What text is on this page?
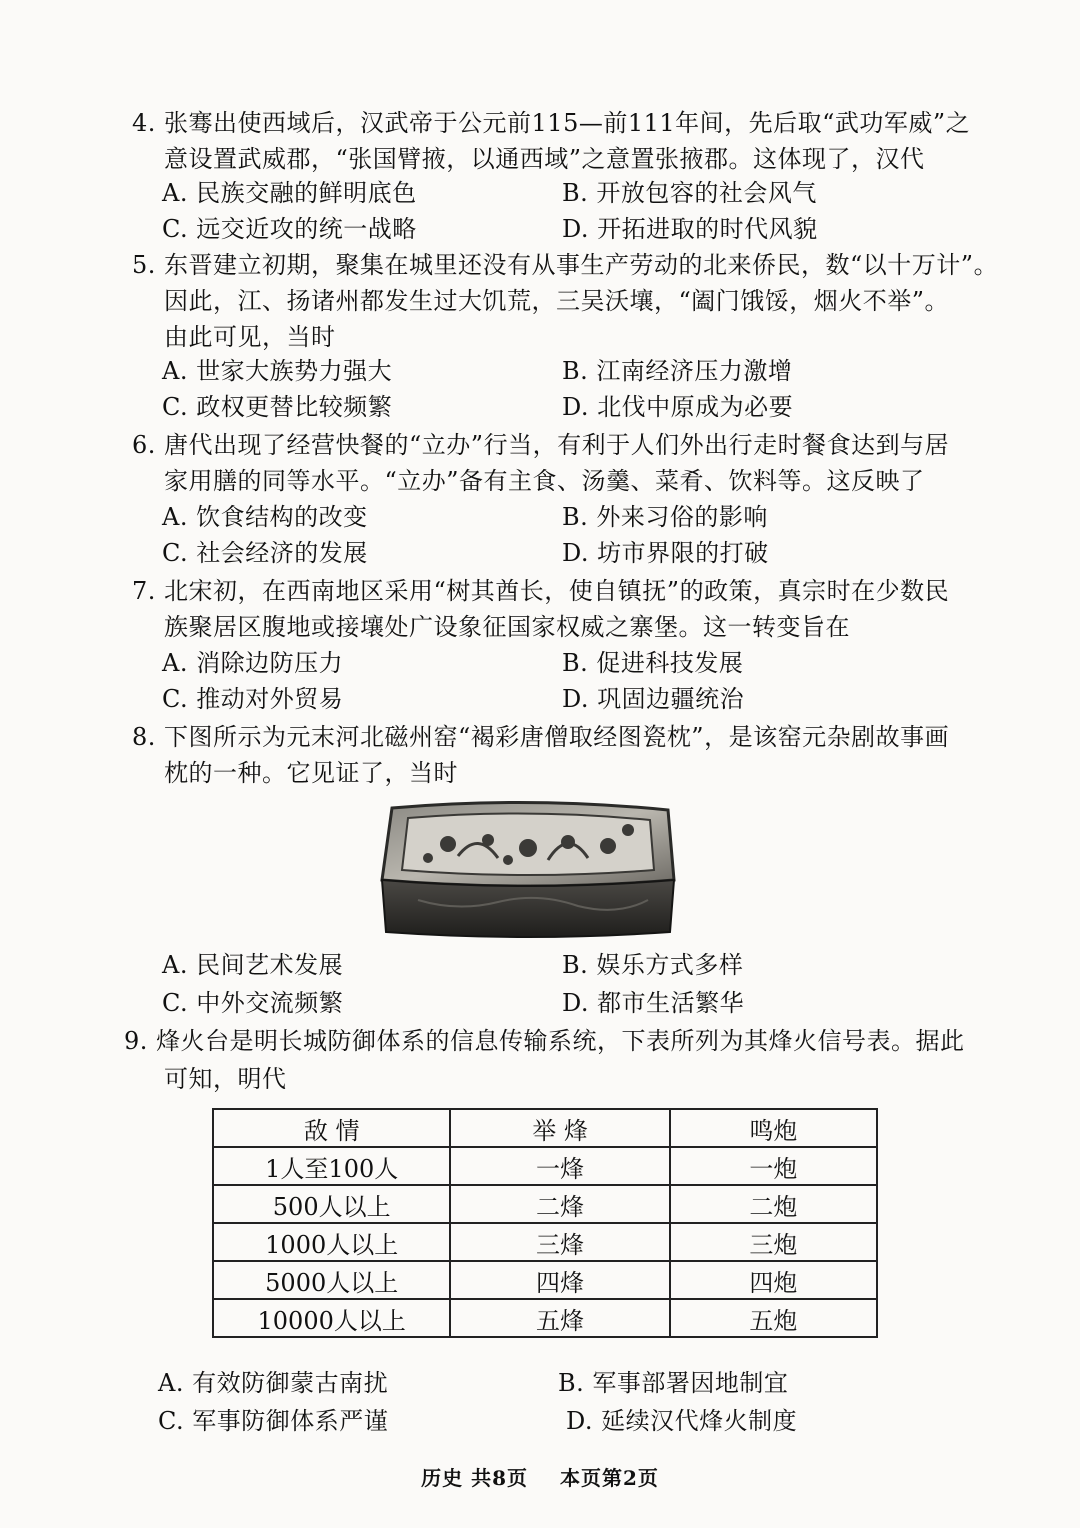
4. 张骞出使西域后，汉武帝于公元前115—前111年间，先后取“武功军威”之
意设置武威郡，“张国臂掖，以通西域”之意置张掖郡。这体现了，汉代
A. 民族交融的鲜明底色	B. 开放包容的社会风气
C. 远交近攻的统一战略	D. 开拓进取的时代风貌
5. 东晋建立初期，聚集在城里还没有从事生产劳动的北来侨民，数“以十万计”。
因此，江、扬诸州都发生过大饥荒，三吴沃壤，“阖门饿馁，烟火不举”。
由此可见，当时
A. 世家大族势力强大	B. 江南经济压力激增
C. 政权更替比较频繁	D. 北伐中原成为必要
6. 唐代出现了经营快餐的“立办”行当，有利于人们外出行走时餐食达到与居
家用膳的同等水平。“立办”备有主食、汤羹、菜肴、饮料等。这反映了
A. 饮食结构的改变	B. 外来习俗的影响
C. 社会经济的发展	D. 坊市界限的打破
7. 北宋初，在西南地区采用“树其酋长，使自镇抚”的政策，真宗时在少数民
族聚居区腹地或接壤处广设象征国家权威之寨堡。这一转变旨在
A. 消除边防压力	B. 促进科技发展
C. 推动对外贸易	D. 巩固边疆统治
8. 下图所示为元末河北磁州窑“褐彩唐僧取经图瓷枕”，是该窑元杂剧故事画
枕的一种。它见证了，当时
A. 民间艺术发展	B. 娱乐方式多样
C. 中外交流频繁	D. 都市生活繁华
9. 烽火台是明长城防御体系的信息传输系统，下表所列为其烽火信号表。据此
可知，明代
敌 情	举 烽	鸣炮
1人至100人	一烽	一炮
500人以上	二烽	二炮
1000人以上	三烽	三炮
5000人以上	四烽	四炮
10000人以上	五烽	五炮
A. 有效防御蒙古南扰	B. 军事部署因地制宜
C. 军事防御体系严谨	D. 延续汉代烽火制度
历史 共8页 本页第2页
